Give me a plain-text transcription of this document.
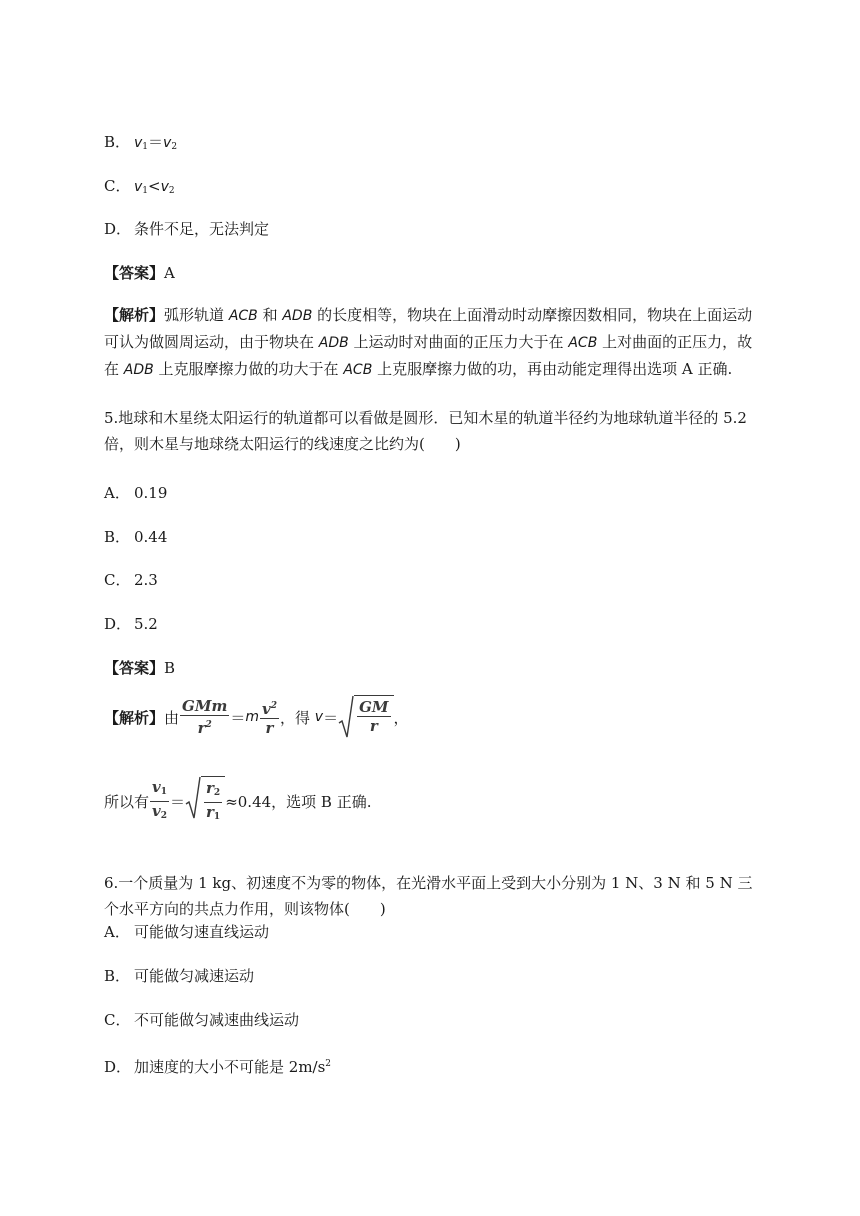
B． $v_1=v_2$
C． $v_1<v_2$
D． 条件不足，无法判定
【答案】A
【解析】弧形轨道 ACB 和 ADB 的长度相等，物块在上面滑动时动摩擦因数相同，物块在上面运动可认为做圆周运动，由于物块在 ADB 上运动时对曲面的正压力大于在 ACB 上对曲面的正压力，故在 ADB 上克服摩擦力做的功大于在 ACB 上克服摩擦力做的功，再由动能定理得出选项 A 正确.
5.地球和木星绕太阳运行的轨道都可以看做是圆形．已知木星的轨道半径约为地球轨道半径的 5.2 倍，则木星与地球绕太阳运行的线速度之比约为(　　)
A． 0.19
B． 0.44
C． 2.3
D． 5.2
【答案】B
【解析】 由 $\frac{\text{GMm}}{r^2} = m \frac{v^2}{r}$ ，得
$v = \frac{GM}{r}$ ，
所以有 $\frac{v_1}{v_2} = \frac{r_2}{r_1} \approx 0.44$，选项 B 正确.
6.一个质量为 1 kg、初速度不为零的物体，在光滑水平面上受到大小分别为 1 N、3 N 和 5 N 三个水平方向的共点力作用，则该物体(　　)
A． 可能做匀速直线运动
B． 可能做匀减速运动
C． 不可能做匀减速曲线运动
D． 加速度的大小不可能是 $2m/s^2$
